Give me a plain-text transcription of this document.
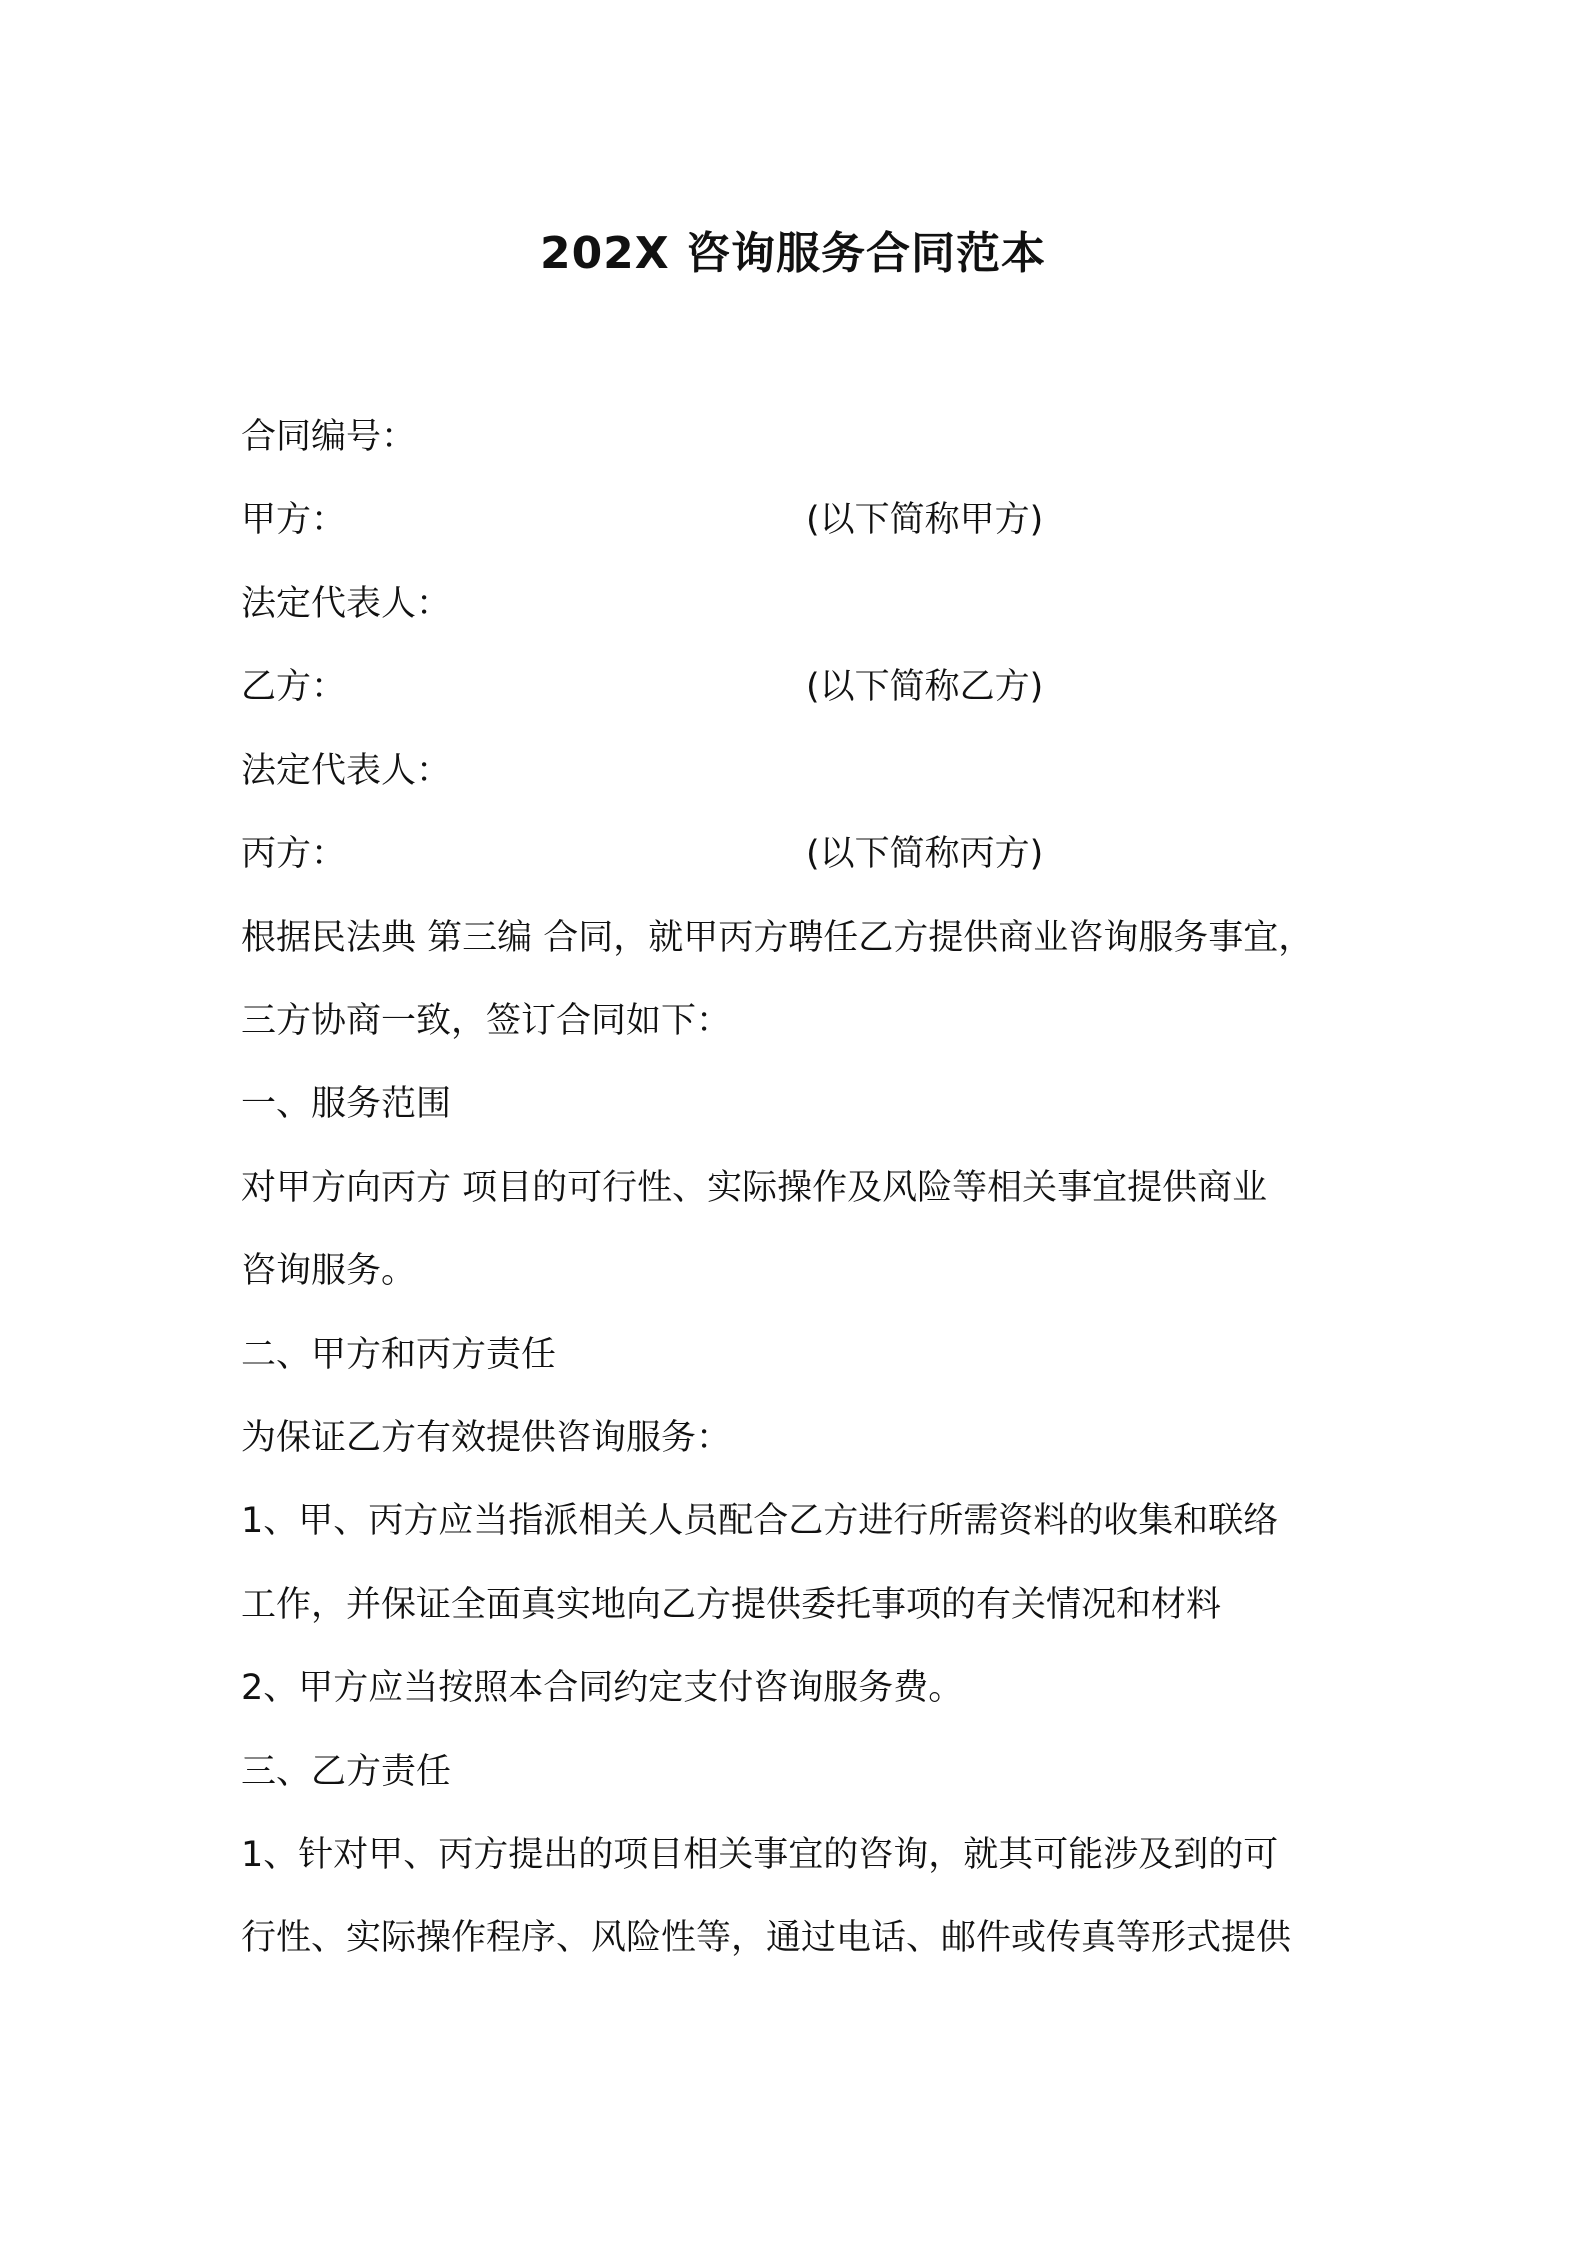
202X 咨询服务合同范本
合同编号：
甲方：	(以下简称甲方)
法定代表人：
乙方：	(以下简称乙方)
法定代表人：
丙方：	(以下简称丙方)
根据民法典 第三编 合同，就甲丙方聘任乙方提供商业咨询服务事宜，
三方协商一致，签订合同如下：
一、服务范围
对甲方向丙方 项目的可行性、实际操作及风险等相关事宜提供商业
咨询服务。
二、甲方和丙方责任
为保证乙方有效提供咨询服务：
1、甲、丙方应当指派相关人员配合乙方进行所需资料的收集和联络
工作，并保证全面真实地向乙方提供委托事项的有关情况和材料
2、甲方应当按照本合同约定支付咨询服务费。
三、乙方责任
1、针对甲、丙方提出的项目相关事宜的咨询，就其可能涉及到的可
行性、实际操作程序、风险性等，通过电话、邮件或传真等形式提供
